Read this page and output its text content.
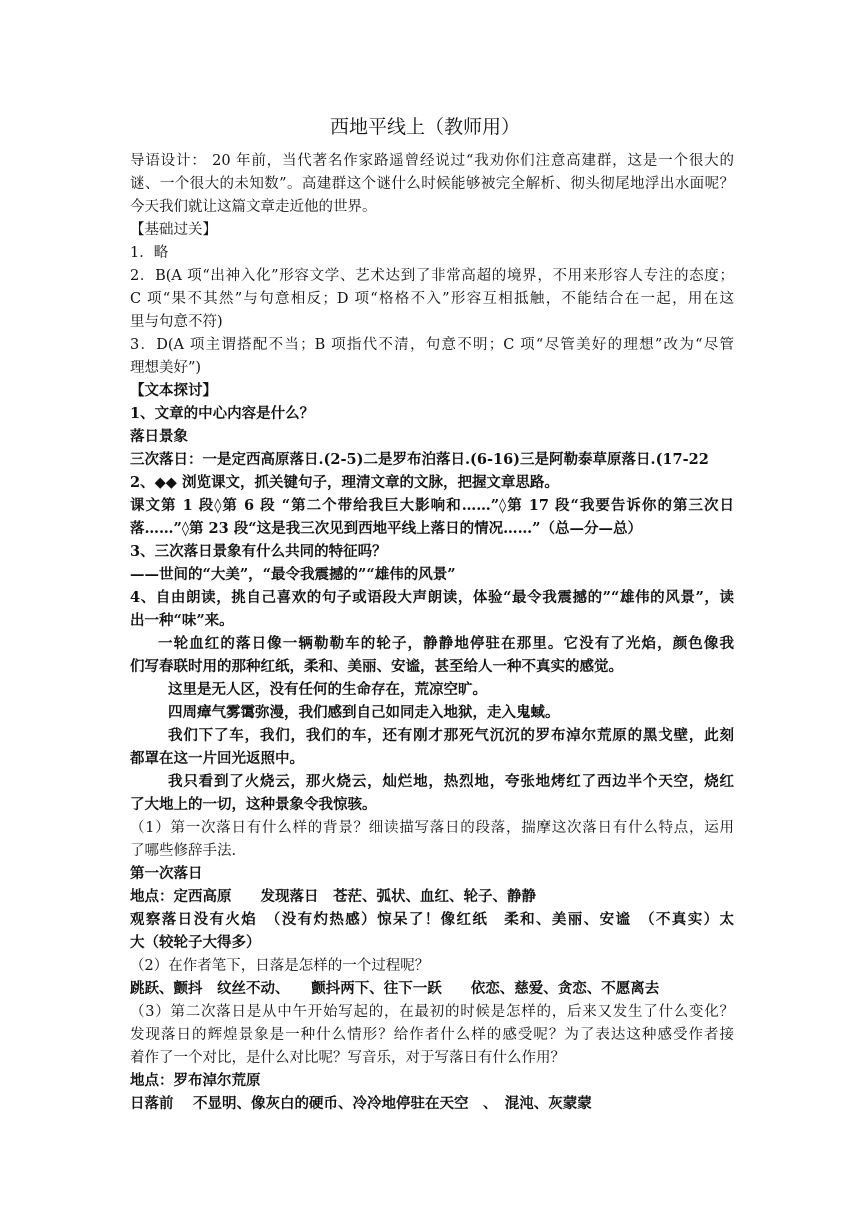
西地平线上（教师用）
导语设计： 20 年前，当代著名作家路遥曾经说过“我劝你们注意高建群，这是一个很大的
谜、一个很大的未知数”。高建群这个谜什么时候能够被完全解析、彻头彻尾地浮出水面呢？
今天我们就让这篇文章走近他的世界。
【基础过关】
1．略
2．B(A 项“出神入化”形容文学、艺术达到了非常高超的境界，不用来形容人专注的态度；
C 项“果不其然”与句意相反；D 项“格格不入”形容互相抵触，不能结合在一起，用在这
里与句意不符)
3．D(A 项主谓搭配不当；B 项指代不清，句意不明；C 项“尽管美好的理想”改为“尽管
理想美好”)
【文本探讨】
1、文章的中心内容是什么？
落日景象
三次落日：一是定西高原落日.(2-5)二是罗布泊落日.(6-16)三是阿勒泰草原落日.(17-22
2、◆◆ 浏览课文，抓关键句子，理清文章的文脉，把握文章思路。
课文第 1 段◊第 6 段 “第二个带给我巨大影响和……”◊第 17 段“我要告诉你的第三次日
落……”◊第 23 段“这是我三次见到西地平线上落日的情况……”（总—分—总）
3、三次落日景象有什么共同的特征吗？
——世间的“大美”，“最令我震撼的”“雄伟的风景”
4、自由朗读，挑自己喜欢的句子或语段大声朗读，体验“最令我震撼的”“雄伟的风景”，读
出一种“味”来。
一轮血红的落日像一辆勒勒车的轮子，静静地停驻在那里。它没有了光焰，颜色像我
们写春联时用的那种红纸，柔和、美丽、安谧，甚至给人一种不真实的感觉。
这里是无人区，没有任何的生命存在，荒凉空旷。
四周瘴气雾霭弥漫，我们感到自己如同走入地狱，走入鬼蜮。
我们下了车，我们，我们的车，还有刚才那死气沉沉的罗布淖尔荒原的黑戈壁，此刻
都罩在这一片回光返照中。
我只看到了火烧云，那火烧云，灿烂地，热烈地，夸张地烤红了西边半个天空，烧红
了大地上的一切，这种景象令我惊骇。
（1）第一次落日有什么样的背景？细读描写落日的段落，揣摩这次落日有什么特点，运用
了哪些修辞手法.
第一次落日
地点：定西高原　　发现落日　苍茫、弧状、血红、轮子、静静
观察落日没有火焰　（没有灼热感）惊呆了！像红纸　柔和、美丽、安谧　（不真实）太
大（较轮子大得多）
（2）在作者笔下，日落是怎样的一个过程呢？
跳跃、颤抖　纹丝不动、　　颤抖两下、往下一跃　　依恋、慈爱、贪恋、不愿离去
（3）第二次落日是从中午开始写起的，在最初的时候是怎样的，后来又发生了什么变化？
发现落日的辉煌景象是一种什么情形？给作者什么样的感受呢？为了表达这种感受作者接
着作了一个对比，是什么对比呢？写音乐，对于写落日有什么作用？
地点：罗布淖尔荒原
日落前　 不显明、像灰白的硬币、冷冷地停驻在天空　、　混沌、灰蒙蒙
